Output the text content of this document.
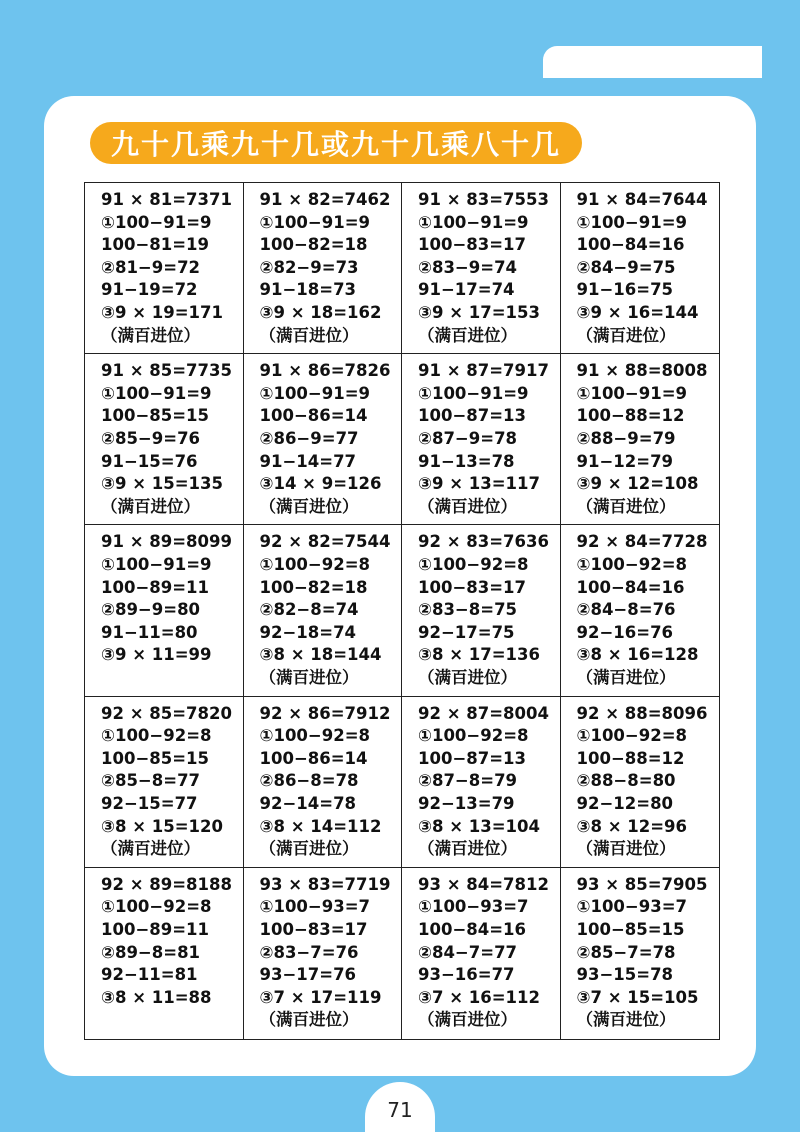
九十几乘九十几或九十几乘八十几
91 × 81=7371
①100−91=9
100−81=19
②81−9=72
91−19=72
③9 × 19=171
（满百进位）
91 × 82=7462
①100−91=9
100−82=18
②82−9=73
91−18=73
③9 × 18=162
（满百进位）
91 × 83=7553
①100−91=9
100−83=17
②83−9=74
91−17=74
③9 × 17=153
（满百进位）
91 × 84=7644
①100−91=9
100−84=16
②84−9=75
91−16=75
③9 × 16=144
（满百进位）
91 × 85=7735
①100−91=9
100−85=15
②85−9=76
91−15=76
③9 × 15=135
（满百进位）
91 × 86=7826
①100−91=9
100−86=14
②86−9=77
91−14=77
③14 × 9=126
（满百进位）
91 × 87=7917
①100−91=9
100−87=13
②87−9=78
91−13=78
③9 × 13=117
（满百进位）
91 × 88=8008
①100−91=9
100−88=12
②88−9=79
91−12=79
③9 × 12=108
（满百进位）
91 × 89=8099
①100−91=9
100−89=11
②89−9=80
91−11=80
③9 × 11=99
92 × 82=7544
①100−92=8
100−82=18
②82−8=74
92−18=74
③8 × 18=144
（满百进位）
92 × 83=7636
①100−92=8
100−83=17
②83−8=75
92−17=75
③8 × 17=136
（满百进位）
92 × 84=7728
①100−92=8
100−84=16
②84−8=76
92−16=76
③8 × 16=128
（满百进位）
92 × 85=7820
①100−92=8
100−85=15
②85−8=77
92−15=77
③8 × 15=120
（满百进位）
92 × 86=7912
①100−92=8
100−86=14
②86−8=78
92−14=78
③8 × 14=112
（满百进位）
92 × 87=8004
①100−92=8
100−87=13
②87−8=79
92−13=79
③8 × 13=104
（满百进位）
92 × 88=8096
①100−92=8
100−88=12
②88−8=80
92−12=80
③8 × 12=96
（满百进位）
92 × 89=8188
①100−92=8
100−89=11
②89−8=81
92−11=81
③8 × 11=88
93 × 83=7719
①100−93=7
100−83=17
②83−7=76
93−17=76
③7 × 17=119
（满百进位）
93 × 84=7812
①100−93=7
100−84=16
②84−7=77
93−16=77
③7 × 16=112
（满百进位）
93 × 85=7905
①100−93=7
100−85=15
②85−7=78
93−15=78
③7 × 15=105
（满百进位）
71
